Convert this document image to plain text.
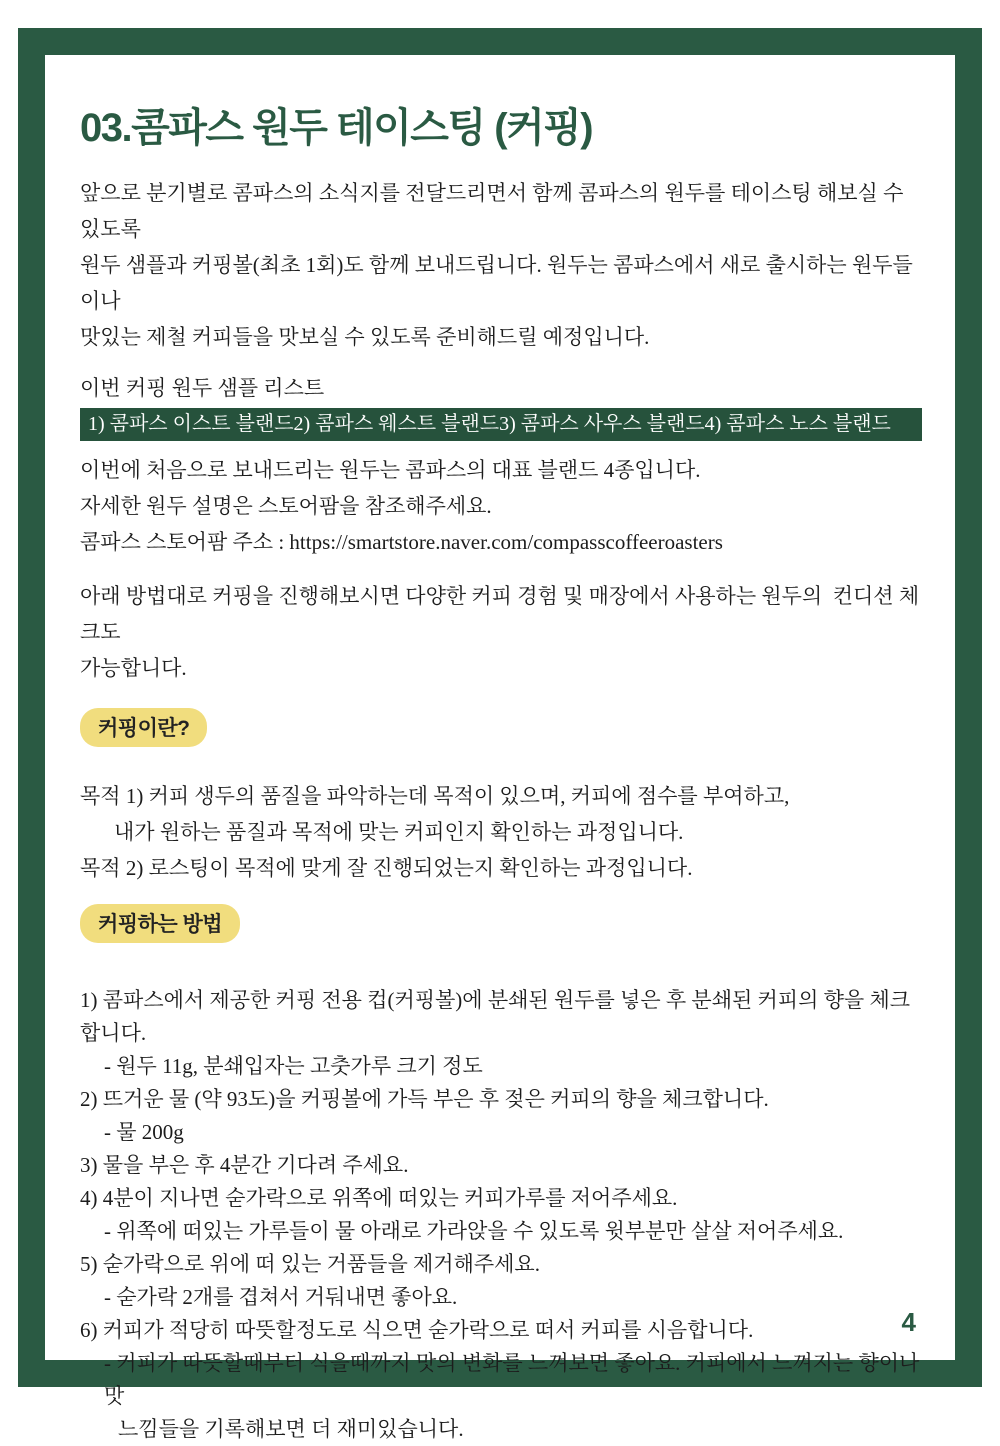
03.콤파스 원두 테이스팅 (커핑)
앞으로 분기별로 콤파스의 소식지를 전달드리면서 함께 콤파스의 원두를 테이스팅 해보실 수 있도록
원두 샘플과 커핑볼(최초 1회)도 함께 보내드립니다. 원두는 콤파스에서 새로 출시하는 원두들이나
맛있는 제철 커피들을 맛보실 수 있도록 준비해드릴 예정입니다.
이번 커핑 원두 샘플 리스트
1) 콤파스 이스트 블랜드 2) 콤파스 웨스트 블랜드 3) 콤파스 사우스 블랜드 4) 콤파스 노스 블랜드
이번에 처음으로 보내드리는 원두는 콤파스의 대표 블랜드 4종입니다.
자세한 원두 설명은 스토어팜을 참조해주세요.
콤파스 스토어팜 주소 : https://smartstore.naver.com/compasscoffeeroasters
아래 방법대로 커핑을 진행해보시면 다양한 커피 경험 및 매장에서 사용하는 원두의  컨디션 체크도
가능합니다.
커핑이란?
목적 1) 커피 생두의 품질을 파악하는데 목적이 있으며, 커피에 점수를 부여하고,
내가 원하는 품질과 목적에 맞는 커피인지 확인하는 과정입니다.
목적 2) 로스팅이 목적에 맞게 잘 진행되었는지 확인하는 과정입니다.
커핑하는 방법
1) 콤파스에서 제공한 커핑 전용 컵(커핑볼)에 분쇄된 원두를 넣은 후 분쇄된 커피의 향을 체크합니다.
- 원두 11g, 분쇄입자는 고춧가루 크기 정도
2) 뜨거운 물 (약 93도)을 커핑볼에 가득 부은 후 젖은 커피의 향을 체크합니다.
- 물 200g
3) 물을 부은 후 4분간 기다려 주세요.
4) 4분이 지나면 숟가락으로 위쪽에 떠있는 커피가루를 저어주세요.
- 위쪽에 떠있는 가루들이 물 아래로 가라앉을 수 있도록 윗부분만 살살 저어주세요.
5) 숟가락으로 위에 떠 있는 거품들을 제거해주세요.
- 숟가락 2개를 겹쳐서 거둬내면 좋아요.
6) 커피가 적당히 따뜻할정도로 식으면 숟가락으로 떠서 커피를 시음합니다.
- 커피가 따뜻할때부터 식을때까지 맛의 변화를 느껴보면 좋아요. 커피에서 느껴지는 향이나 맛
느낌들을 기록해보면 더 재미있습니다.
4
